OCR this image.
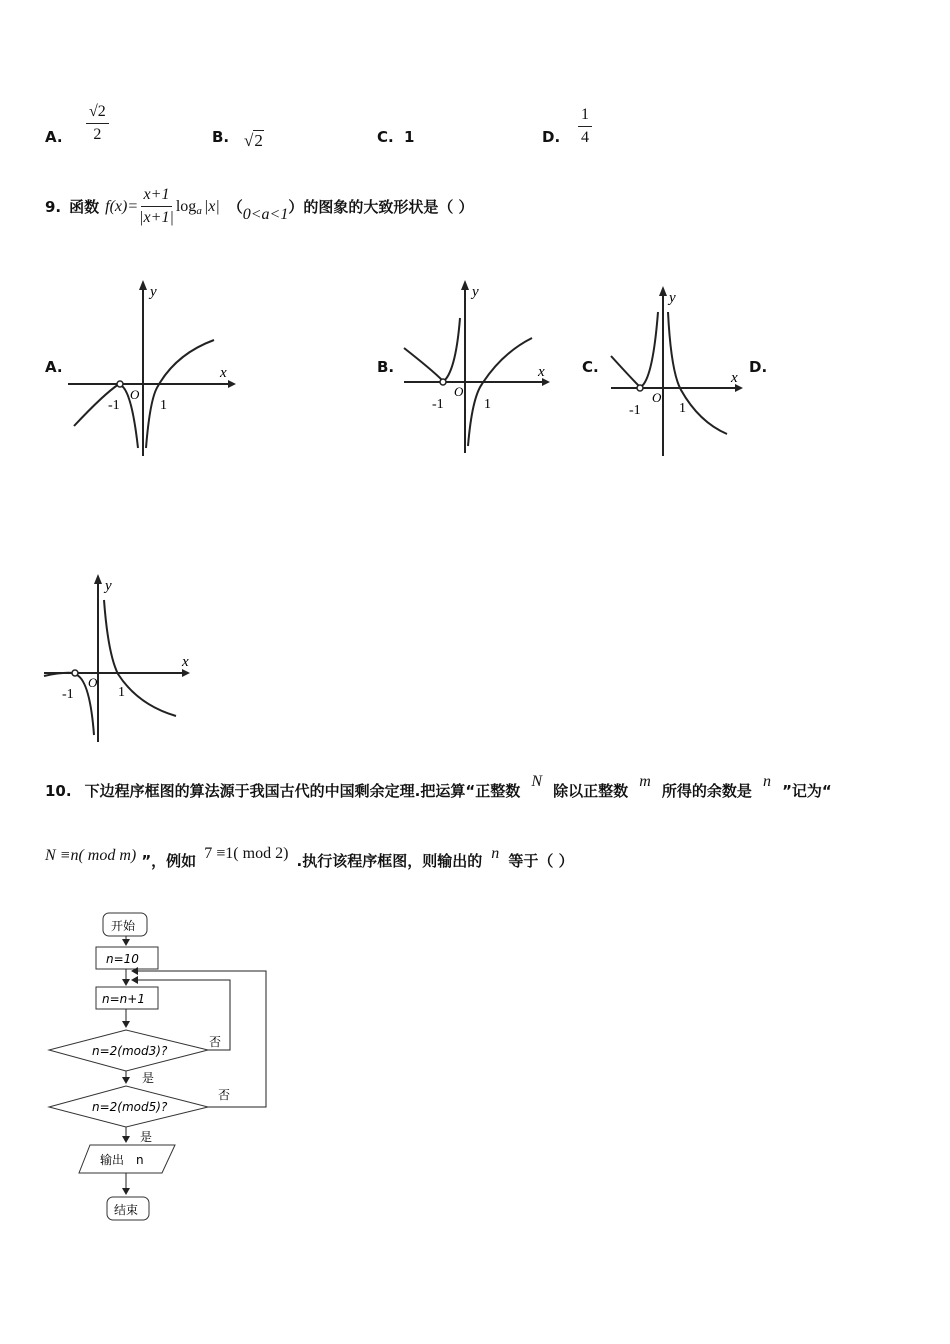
A. $\frac{√2}{2}$	B. √2	C. 1	D. $\frac{1}{4}$
9. 函数 $f(x)= \frac{x+1}{|x+1|} \log_a |x|$ （ 0<a<1 ）的图象的大致形状是（ ）
A.	B.	C.	D.
y
x
-1
O
1
y
x
-1
O
1
y
x
-1
O
1
y
x
-1
O
1
10. 下边程序框图的算法源于我国古代的中国剩余定理.把运算“正整数 N 除以正整数 m 所得的余数是 n ”记为“
N ≡n( mod m) ”，例如 7 ≡1( mod 2) .执行该程序框图，则输出的 n 等于（ ）
开始
n=10
n=n+1
n=2(mod3)?
否
是
n=2(mod5)?
否
是
输出　n
结束
